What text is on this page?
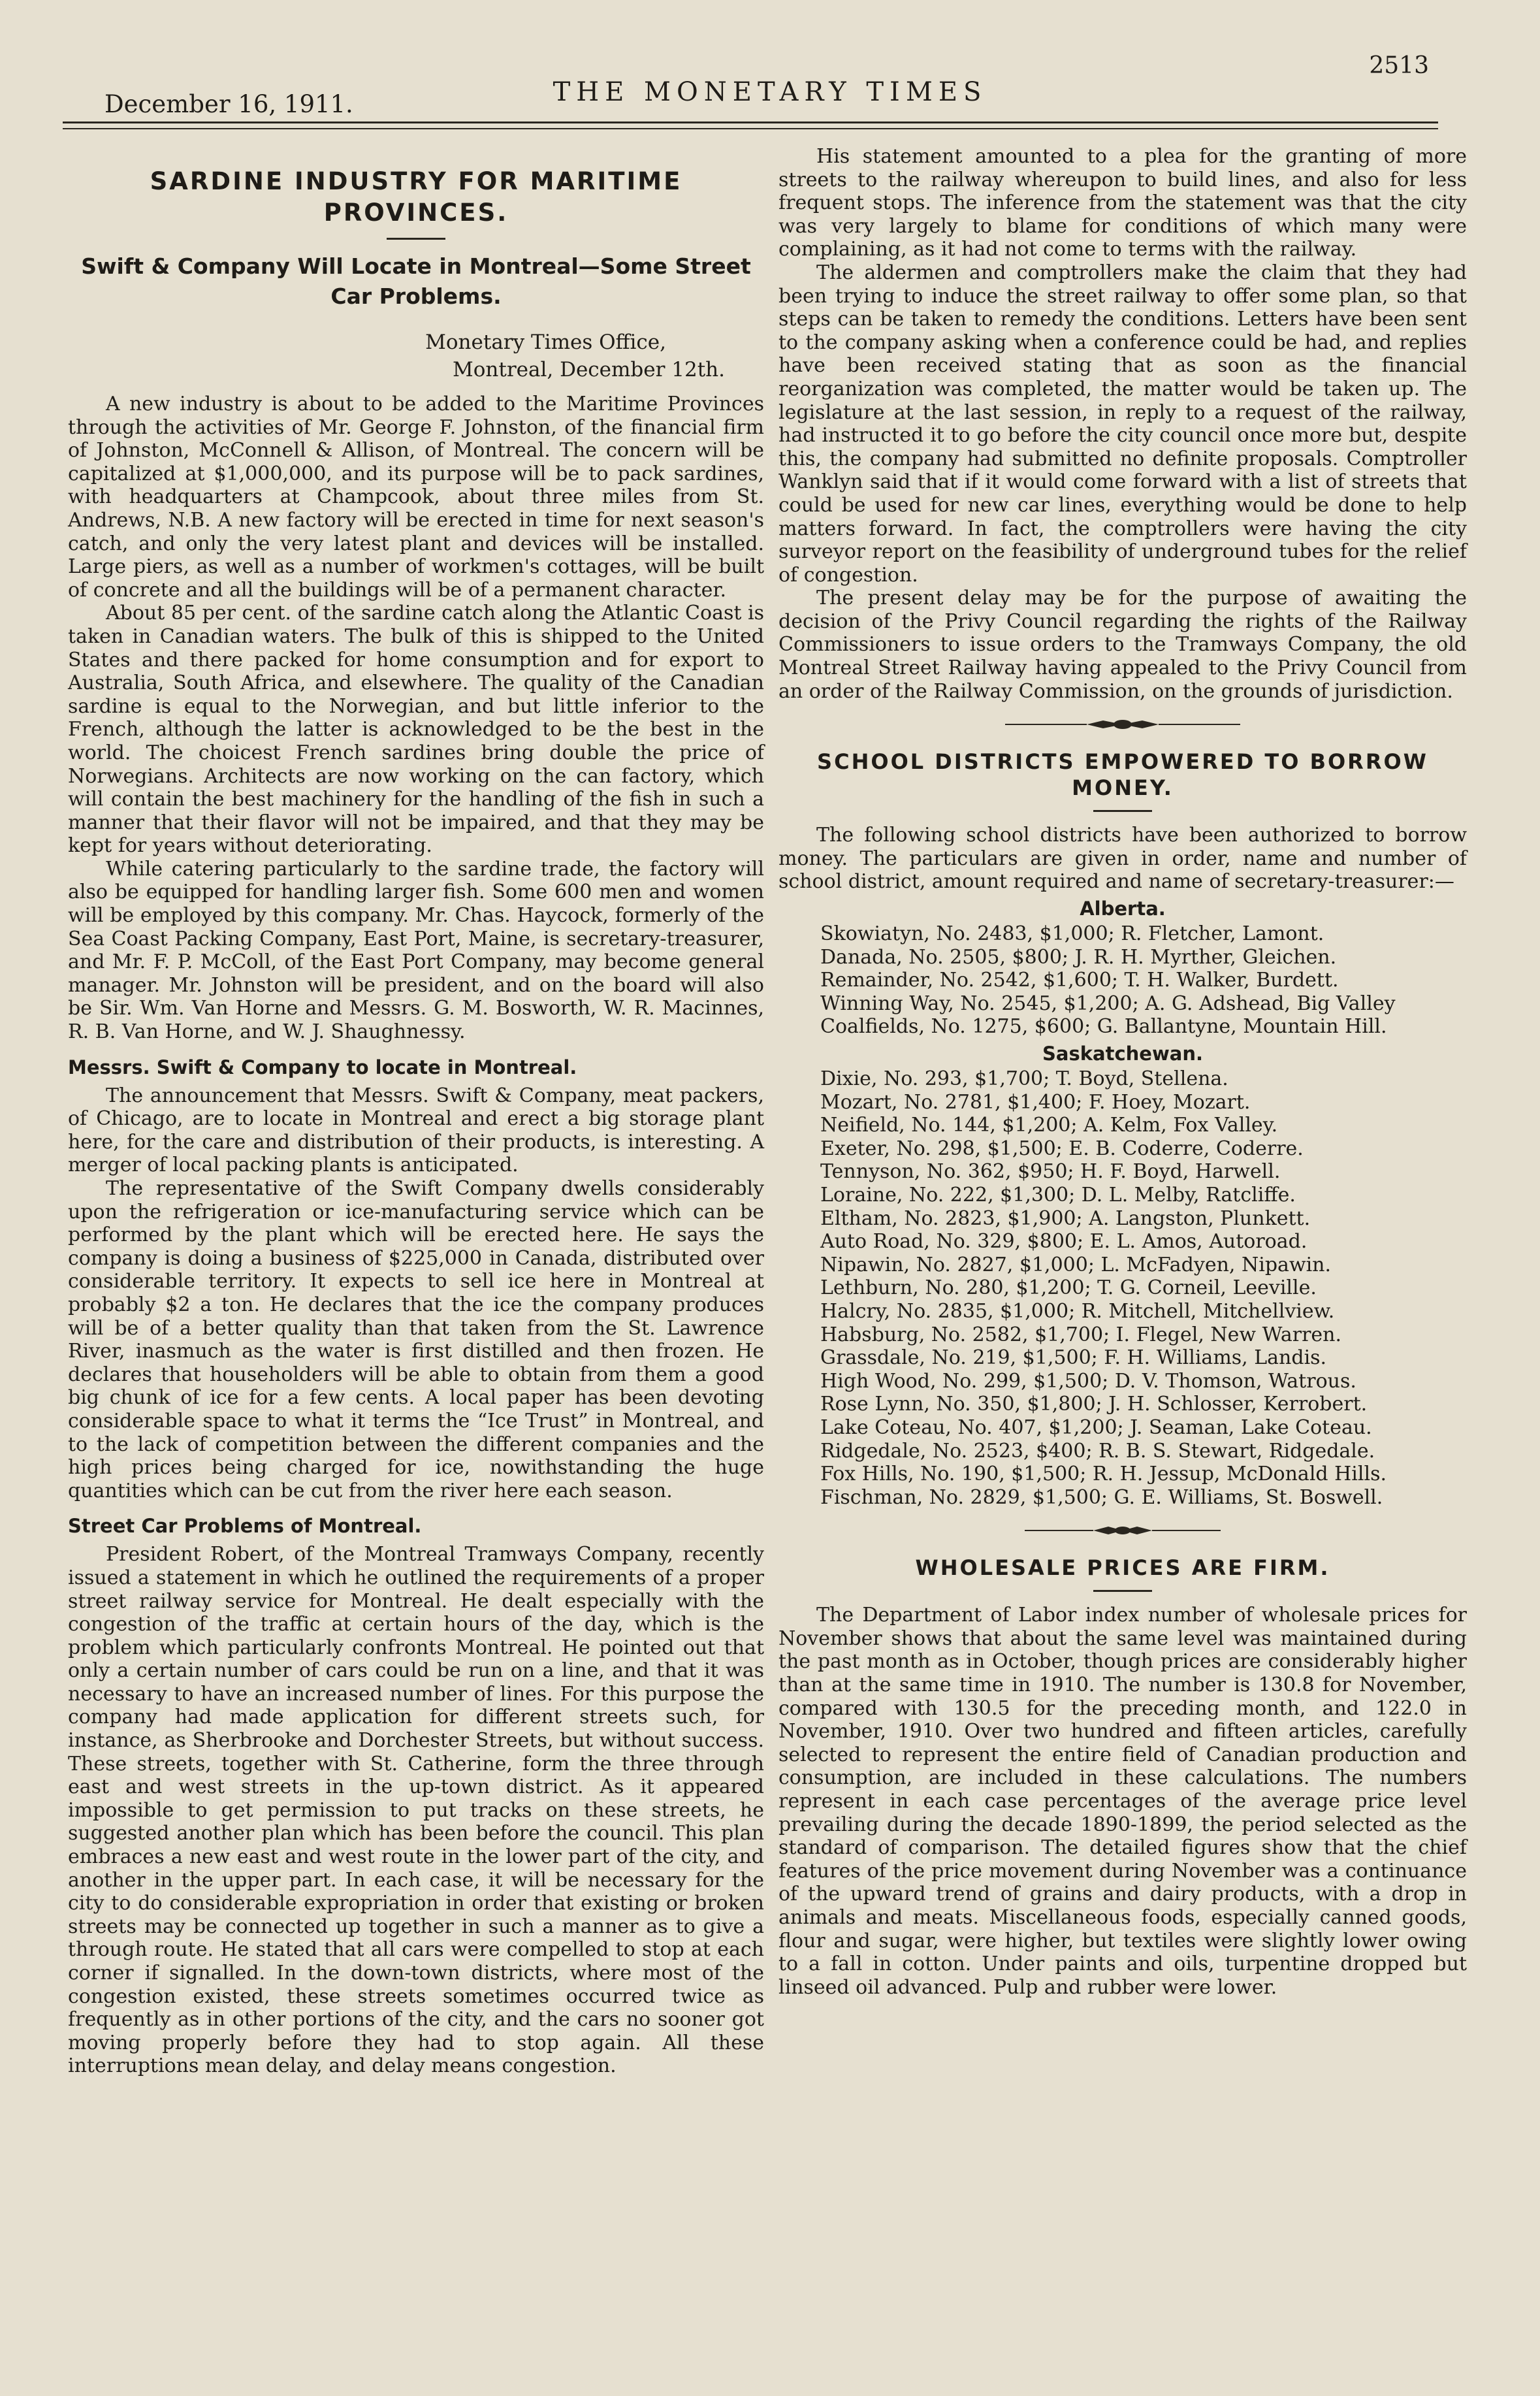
December 16, 1911.	THE MONETARY TIMES
2513
SARDINE INDUSTRY FOR MARITIME PROVINCES.
Swift & Company Will Locate in Montreal—Some Street Car Problems.
Monetary Times Office,
Montreal, December 12th.

A new industry is about to be added to the Maritime Provinces through the activities of Mr. George F. Johnston, of the financial firm of Johnston, McConnell & Allison, of Montreal. The concern will be capitalized at $1,000,000, and its purpose will be to pack sardines, with headquarters at Champcook, about three miles from St. Andrews, N.B. A new factory will be erected in time for next season's catch, and only the very latest plant and devices will be installed. Large piers, as well as a number of workmen's cottages, will be built of concrete and all the buildings will be of a permanent character.

About 85 per cent. of the sardine catch along the Atlantic Coast is taken in Canadian waters. The bulk of this is shipped to the United States and there packed for home consumption and for export to Australia, South Africa, and elsewhere. The quality of the Canadian sardine is equal to the Norwegian, and but little inferior to the French, although the latter is acknowledged to be the best in the world. The choicest French sardines bring double the price of Norwegians. Architects are now working on the can factory, which will contain the best machinery for the handling of the fish in such a manner that their flavor will not be impaired, and that they may be kept for years without deteriorating.

While catering particularly to the sardine trade, the factory will also be equipped for handling larger fish. Some 600 men and women will be employed by this company. Mr. Chas. Haycock, formerly of the Sea Coast Packing Company, East Port, Maine, is secretary-treasurer, and Mr. F. P. McColl, of the East Port Company, may become general manager. Mr. Johnston will be president, and on the board will also be Sir. Wm. Van Horne and Messrs. G. M. Bosworth, W. R. Macinnes, R. B. Van Horne, and W. J. Shaughnessy.

Messrs. Swift & Company to locate in Montreal.

The announcement that Messrs. Swift & Company, meat packers, of Chicago, are to locate in Montreal and erect a big storage plant here, for the care and distribution of their products, is interesting. A merger of local packing plants is anticipated.

The representative of the Swift Company dwells considerably upon the refrigeration or ice-manufacturing service which can be performed by the plant which will be erected here. He says the company is doing a business of $225,000 in Canada, distributed over considerable territory. It expects to sell ice here in Montreal at probably $2 a ton. He declares that the ice the company produces will be of a better quality than that taken from the St. Lawrence River, inasmuch as the water is first distilled and then frozen. He declares that householders will be able to obtain from them a good big chunk of ice for a few cents. A local paper has been devoting considerable space to what it terms the “Ice Trust” in Montreal, and to the lack of competition between the different companies and the high prices being charged for ice, nowithstanding the huge quantities which can be cut from the river here each season.

Street Car Problems of Montreal.

President Robert, of the Montreal Tramways Company, recently issued a statement in which he outlined the requirements of a proper street railway service for Montreal. He dealt especially with the congestion of the traffic at certain hours of the day, which is the problem which particularly confronts Montreal. He pointed out that only a certain number of cars could be run on a line, and that it was necessary to have an increased number of lines. For this purpose the company had made application for different streets such, for instance, as Sherbrooke and Dorchester Streets, but without success. These streets, together with St. Catherine, form the three through east and west streets in the up-town district. As it appeared impossible to get permission to put tracks on these streets, he suggested another plan which has been before the council. This plan embraces a new east and west route in the lower part of the city, and another in the upper part. In each case, it will be necessary for the city to do considerable expropriation in order that existing or broken streets may be connected up together in such a manner as to give a through route. He stated that all cars were compelled to stop at each corner if signalled. In the down-town districts, where most of the congestion existed, these streets sometimes occurred twice as frequently as in other portions of the city, and the cars no sooner got moving properly before they had to stop again. All these interruptions mean delay, and delay means congestion.

His statement amounted to a plea for the granting of more streets to the railway whereupon to build lines, and also for less frequent stops. The inference from the statement was that the city was very largely to blame for conditions of which many were complaining, as it had not come to terms with the railway.

The aldermen and comptrollers make the claim that they had been trying to induce the street railway to offer some plan, so that steps can be taken to remedy the conditions. Letters have been sent to the company asking when a conference could be had, and replies have been received stating that as soon as the financial reorganization was completed, the matter would be taken up. The legislature at the last session, in reply to a request of the railway, had instructed it to go before the city council once more but, despite this, the company had submitted no definite proposals. Comptroller Wanklyn said that if it would come forward with a list of streets that could be used for new car lines, everything would be done to help matters forward. In fact, the comptrollers were having the city surveyor report on the feasibility of underground tubes for the relief of congestion.

The present delay may be for the purpose of awaiting the decision of the Privy Council regarding the rights of the Railway Commissioners to issue orders to the Tramways Company, the old Montreal Street Railway having appealed to the Privy Council from an order of the Railway Commission, on the grounds of jurisdiction.

SCHOOL DISTRICTS EMPOWERED TO BORROW MONEY.

The following school districts have been authorized to borrow money. The particulars are given in order, name and number of school district, amount required and name of secretary-treasurer:—

Alberta.

Skowiatyn, No. 2483, $1,000; R. Fletcher, Lamont.

Danada, No. 2505, $800; J. R. H. Myrther, Gleichen.

Remainder, No. 2542, $1,600; T. H. Walker, Burdett.

Winning Way, No. 2545, $1,200; A. G. Adshead, Big Valley

Coalfields, No. 1275, $600; G. Ballantyne, Mountain Hill.

Saskatchewan.

Dixie, No. 293, $1,700; T. Boyd, Stellena.

Mozart, No. 2781, $1,400; F. Hoey, Mozart.

Neifield, No. 144, $1,200; A. Kelm, Fox Valley.

Exeter, No. 298, $1,500; E. B. Coderre, Coderre.

Tennyson, No. 362, $950; H. F. Boyd, Harwell.

Loraine, No. 222, $1,300; D. L. Melby, Ratcliffe.

Eltham, No. 2823, $1,900; A. Langston, Plunkett.

Auto Road, No. 329, $800; E. L. Amos, Autoroad.

Nipawin, No. 2827, $1,000; L. McFadyen, Nipawin.

Lethburn, No. 280, $1,200; T. G. Corneil, Leeville.

Halcry, No. 2835, $1,000; R. Mitchell, Mitchellview.

Habsburg, No. 2582, $1,700; I. Flegel, New Warren.

Grassdale, No. 219, $1,500; F. H. Williams, Landis.

High Wood, No. 299, $1,500; D. V. Thomson, Watrous.

Rose Lynn, No. 350, $1,800; J. H. Schlosser, Kerrobert.

Lake Coteau, No. 407, $1,200; J. Seaman, Lake Coteau.

Ridgedale, No. 2523, $400; R. B. S. Stewart, Ridgedale.

Fox Hills, No. 190, $1,500; R. H. Jessup, McDonald Hills.

Fischman, No. 2829, $1,500; G. E. Williams, St. Boswell.

WHOLESALE PRICES ARE FIRM.

The Department of Labor index number of wholesale prices for November shows that about the same level was maintained during the past month as in October, though prices are considerably higher than at the same time in 1910. The number is 130.8 for November, compared with 130.5 for the preceding month, and 122.0 in November, 1910. Over two hundred and fifteen articles, carefully selected to represent the entire field of Canadian production and consumption, are included in these calculations. The numbers represent in each case percentages of the average price level prevailing during the decade 1890-1899, the period selected as the standard of comparison. The detailed figures show that the chief features of the price movement during November was a continuance of the upward trend of grains and dairy products, with a drop in animals and meats. Miscellaneous foods, especially canned goods, flour and sugar, were higher, but textiles were slightly lower owing to a fall in cotton. Under paints and oils, turpentine dropped but linseed oil advanced. Pulp and rubber were lower.
